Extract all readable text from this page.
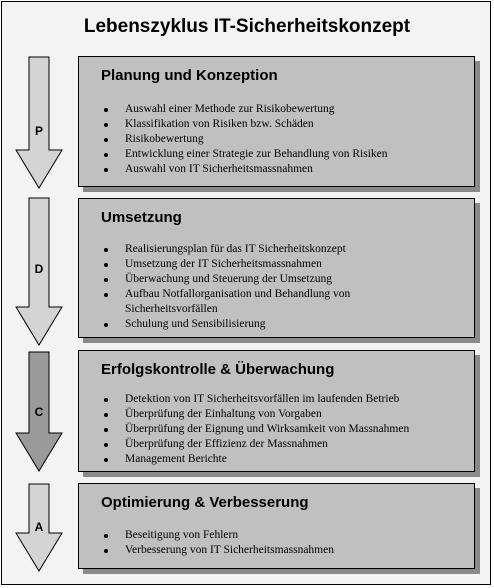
Lebenszyklus IT-Sicherheitskonzept
P
Planung und Konzeption
Auswahl einer Methode zur Risikobewertung
Klassifikation von Risiken bzw. Schäden
Risikobewertung
Entwicklung einer Strategie zur Behandlung von Risiken
Auswahl von IT Sicherheitsmassnahmen
D
Umsetzung
Realisierungsplan für das IT Sicherheitskonzept
Umsetzung der IT Sicherheitsmassnahmen
Überwachung und Steuerung der Umsetzung
Aufbau Notfallorganisation und Behandlung von Sicherheitsvorfällen
Schulung und Sensibilisierung
C
Erfolgskontrolle & Überwachung
Detektion von IT Sicherheitsvorfällen im laufenden Betrieb
Überprüfung der Einhaltung von Vorgaben
Überprüfung der Eignung und Wirksamkeit von Massnahmen
Überprüfung der Effizienz der Massnahmen
Management Berichte
A
Optimierung & Verbesserung
Beseitigung von Fehlern
Verbesserung von IT Sicherheitsmassnahmen
